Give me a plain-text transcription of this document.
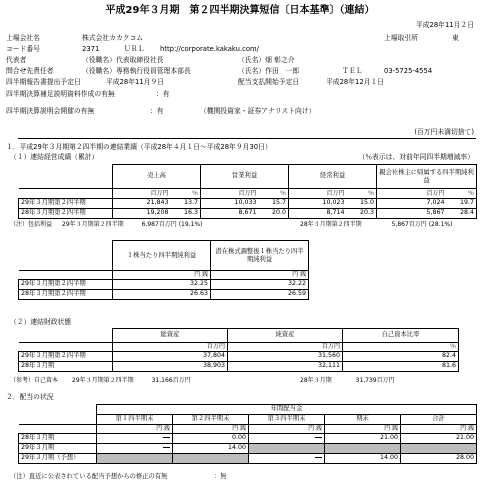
平成29年３月期　第２四半期決算短信〔日本基準〕（連結）
平成28年11月２日
上場会社名	株式会社カカクコム	上場取引所	東
コード番号	2371	ＵＲＬ http://corporate.kakaku.com/
代表者	（役職名）代表取締役社長	（氏名）畑 彰之介
問合せ先責任者	（役職名）専務執行役員管理本部長	（氏名）作田　一郎	ＴＥＬ	03-5725-4554
四半期報告書提出予定日	平成28年11月９日	配当支払開始予定日	平成28年12月１日
四半期決算補足説明資料作成の有無	：有
四半期決算説明会開催の有無	：有	（機関投資家・証券アナリスト向け）
(百万円未満切捨て)
１．平成29年３月期第２四半期の連結業績（平成28年４月１日～平成28年９月30日）
（１）連結経営成績（累計）	（％表示は、対前年同四半期増減率）
	売上高		営業利益		経常利益		親会社株主に帰属する四半期純利益	
	百万円	％	百万円	％	百万円	％	百万円	％
29年３月期第２四半期	21,843	13.7	10,033	15.7	10,023	15.0	7,024	19.7
28年３月期第２四半期	19,208	16.3	8,671	20.0	8,714	20.3	5,867	28.4
（注）包括利益 29年３月期第２四半期　　　6,987百万円 (19.1%)	28年３月期第２四半期　　　　　5,867百万円 (28.1%)
	１株当たり四半期純利益	潜在株式調整後１株当たり四半期純利益
	円 銭	円 銭
29年３月期第２四半期	32.25	32.22
28年３月期第２四半期	26.63	26.59
（２）連結財政状態
	総資産	純資産	自己資本比率
	百万円	百万円	％
29年３月期第２四半期	37,804	31,560	82.4
28年３月期	38,903	32,111	81.6
（参考）自己資本 29年３月期第２四半期　　　31,166百万円	28年３月期　　　　31,739百万円
２．配当の状況
	年間配当金				
	第１四半期末	第２四半期末	第３四半期末	期末	合計
	円 銭	円 銭	円 銭	円 銭	円 銭
28年３月期		0.00		21.00	21.00
29年３月期		14.00			
29年３月期（予想）				14.00	28.00
（注）直近に公表されている配当予想からの修正の有無	：無
